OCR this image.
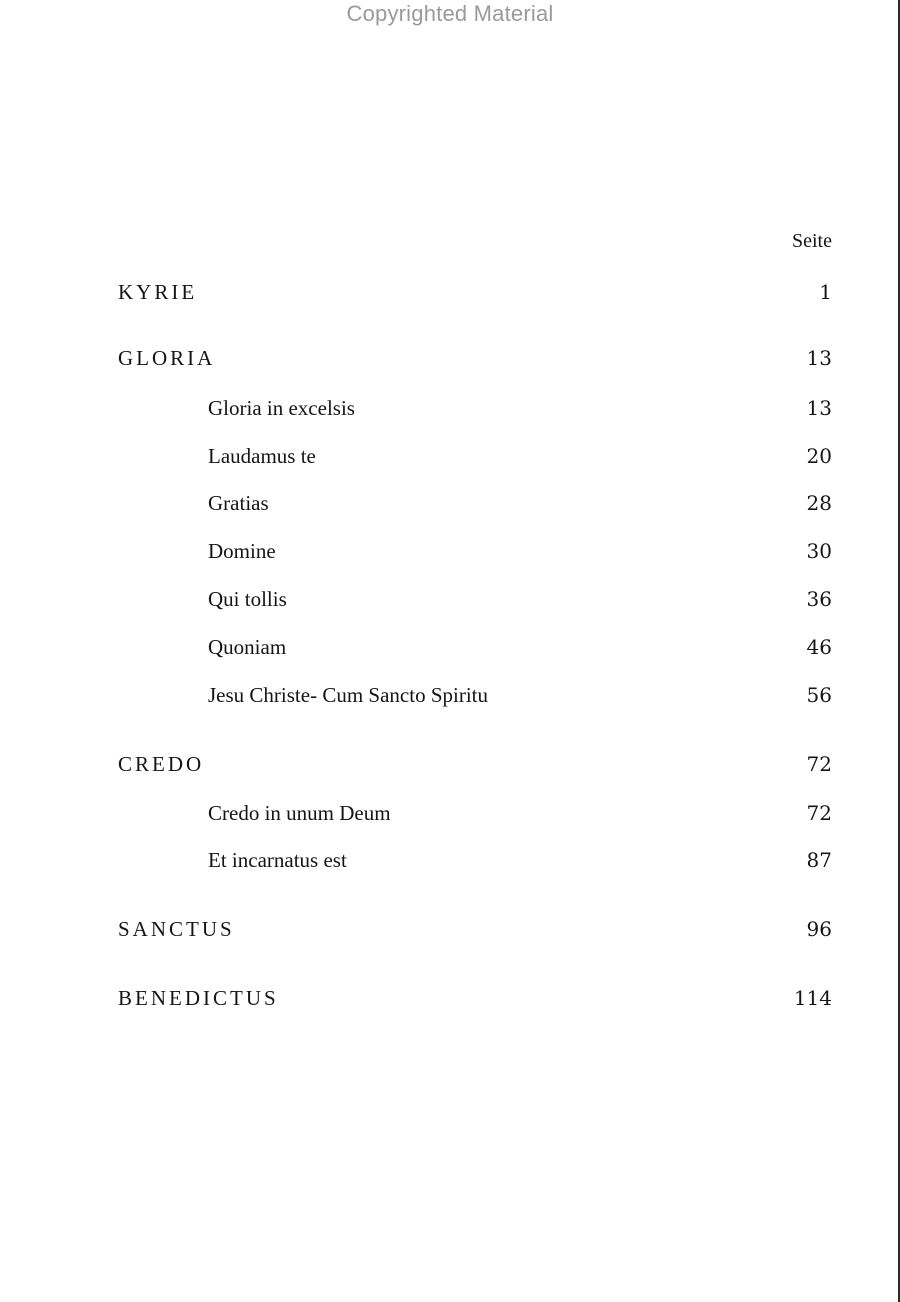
Copyrighted Material
Seite
KYRIE	1
GLORIA	13
Gloria in excelsis	13
Laudamus te	20
Gratias	28
Domine	30
Qui tollis	36
Quoniam	46
Jesu Christe- Cum Sancto Spiritu	56
CREDO	72
Credo in unum Deum	72
Et incarnatus est	87
SANCTUS	96
BENEDICTUS	114
